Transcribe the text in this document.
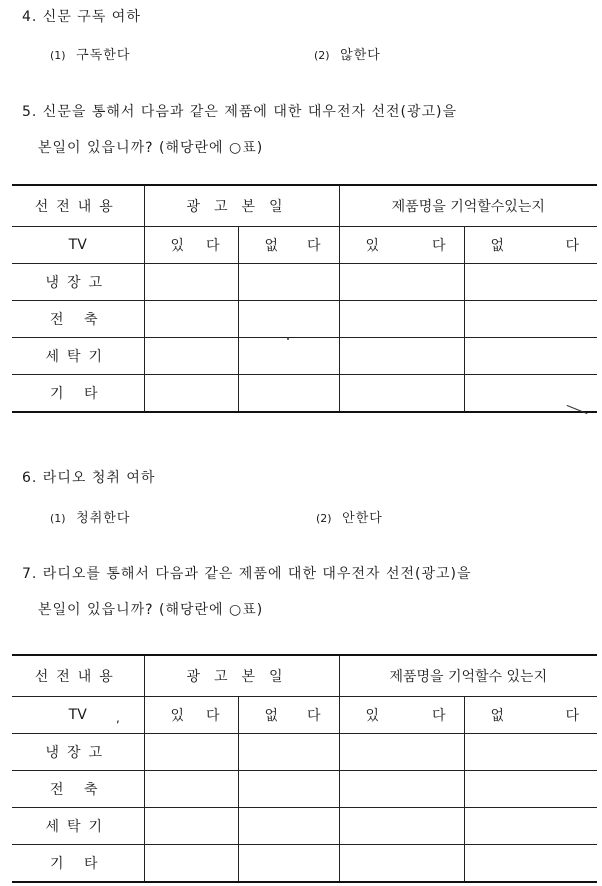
4. 신문 구독 여하
(1) 구독한다	(2) 않한다
5. 신문을 통해서 다음과 같은 제품에 대한 대우전자 선전(광고)을
본일이 있읍니까? (해당란에 ○표)
선전내용	광고본일		제품명을 기억할수있는지	
TV	있 다	없 다	있 다	없 다

냉장고				
전 축				
세탁기				
기 타				
6. 라디오 청취 여하
(1) 청취한다	(2) 안한다
7. 라디오를 통해서 다음과 같은 제품에 대한 대우전자 선전(광고)을
본일이 있읍니까? (해당란에 ○표)
선전내용	광고본일		제품명을 기억할수 있는지	
TV	있 다	없 다	있 다	없 다

냉장고				
전 축				
세탁기				
기 타				
,
